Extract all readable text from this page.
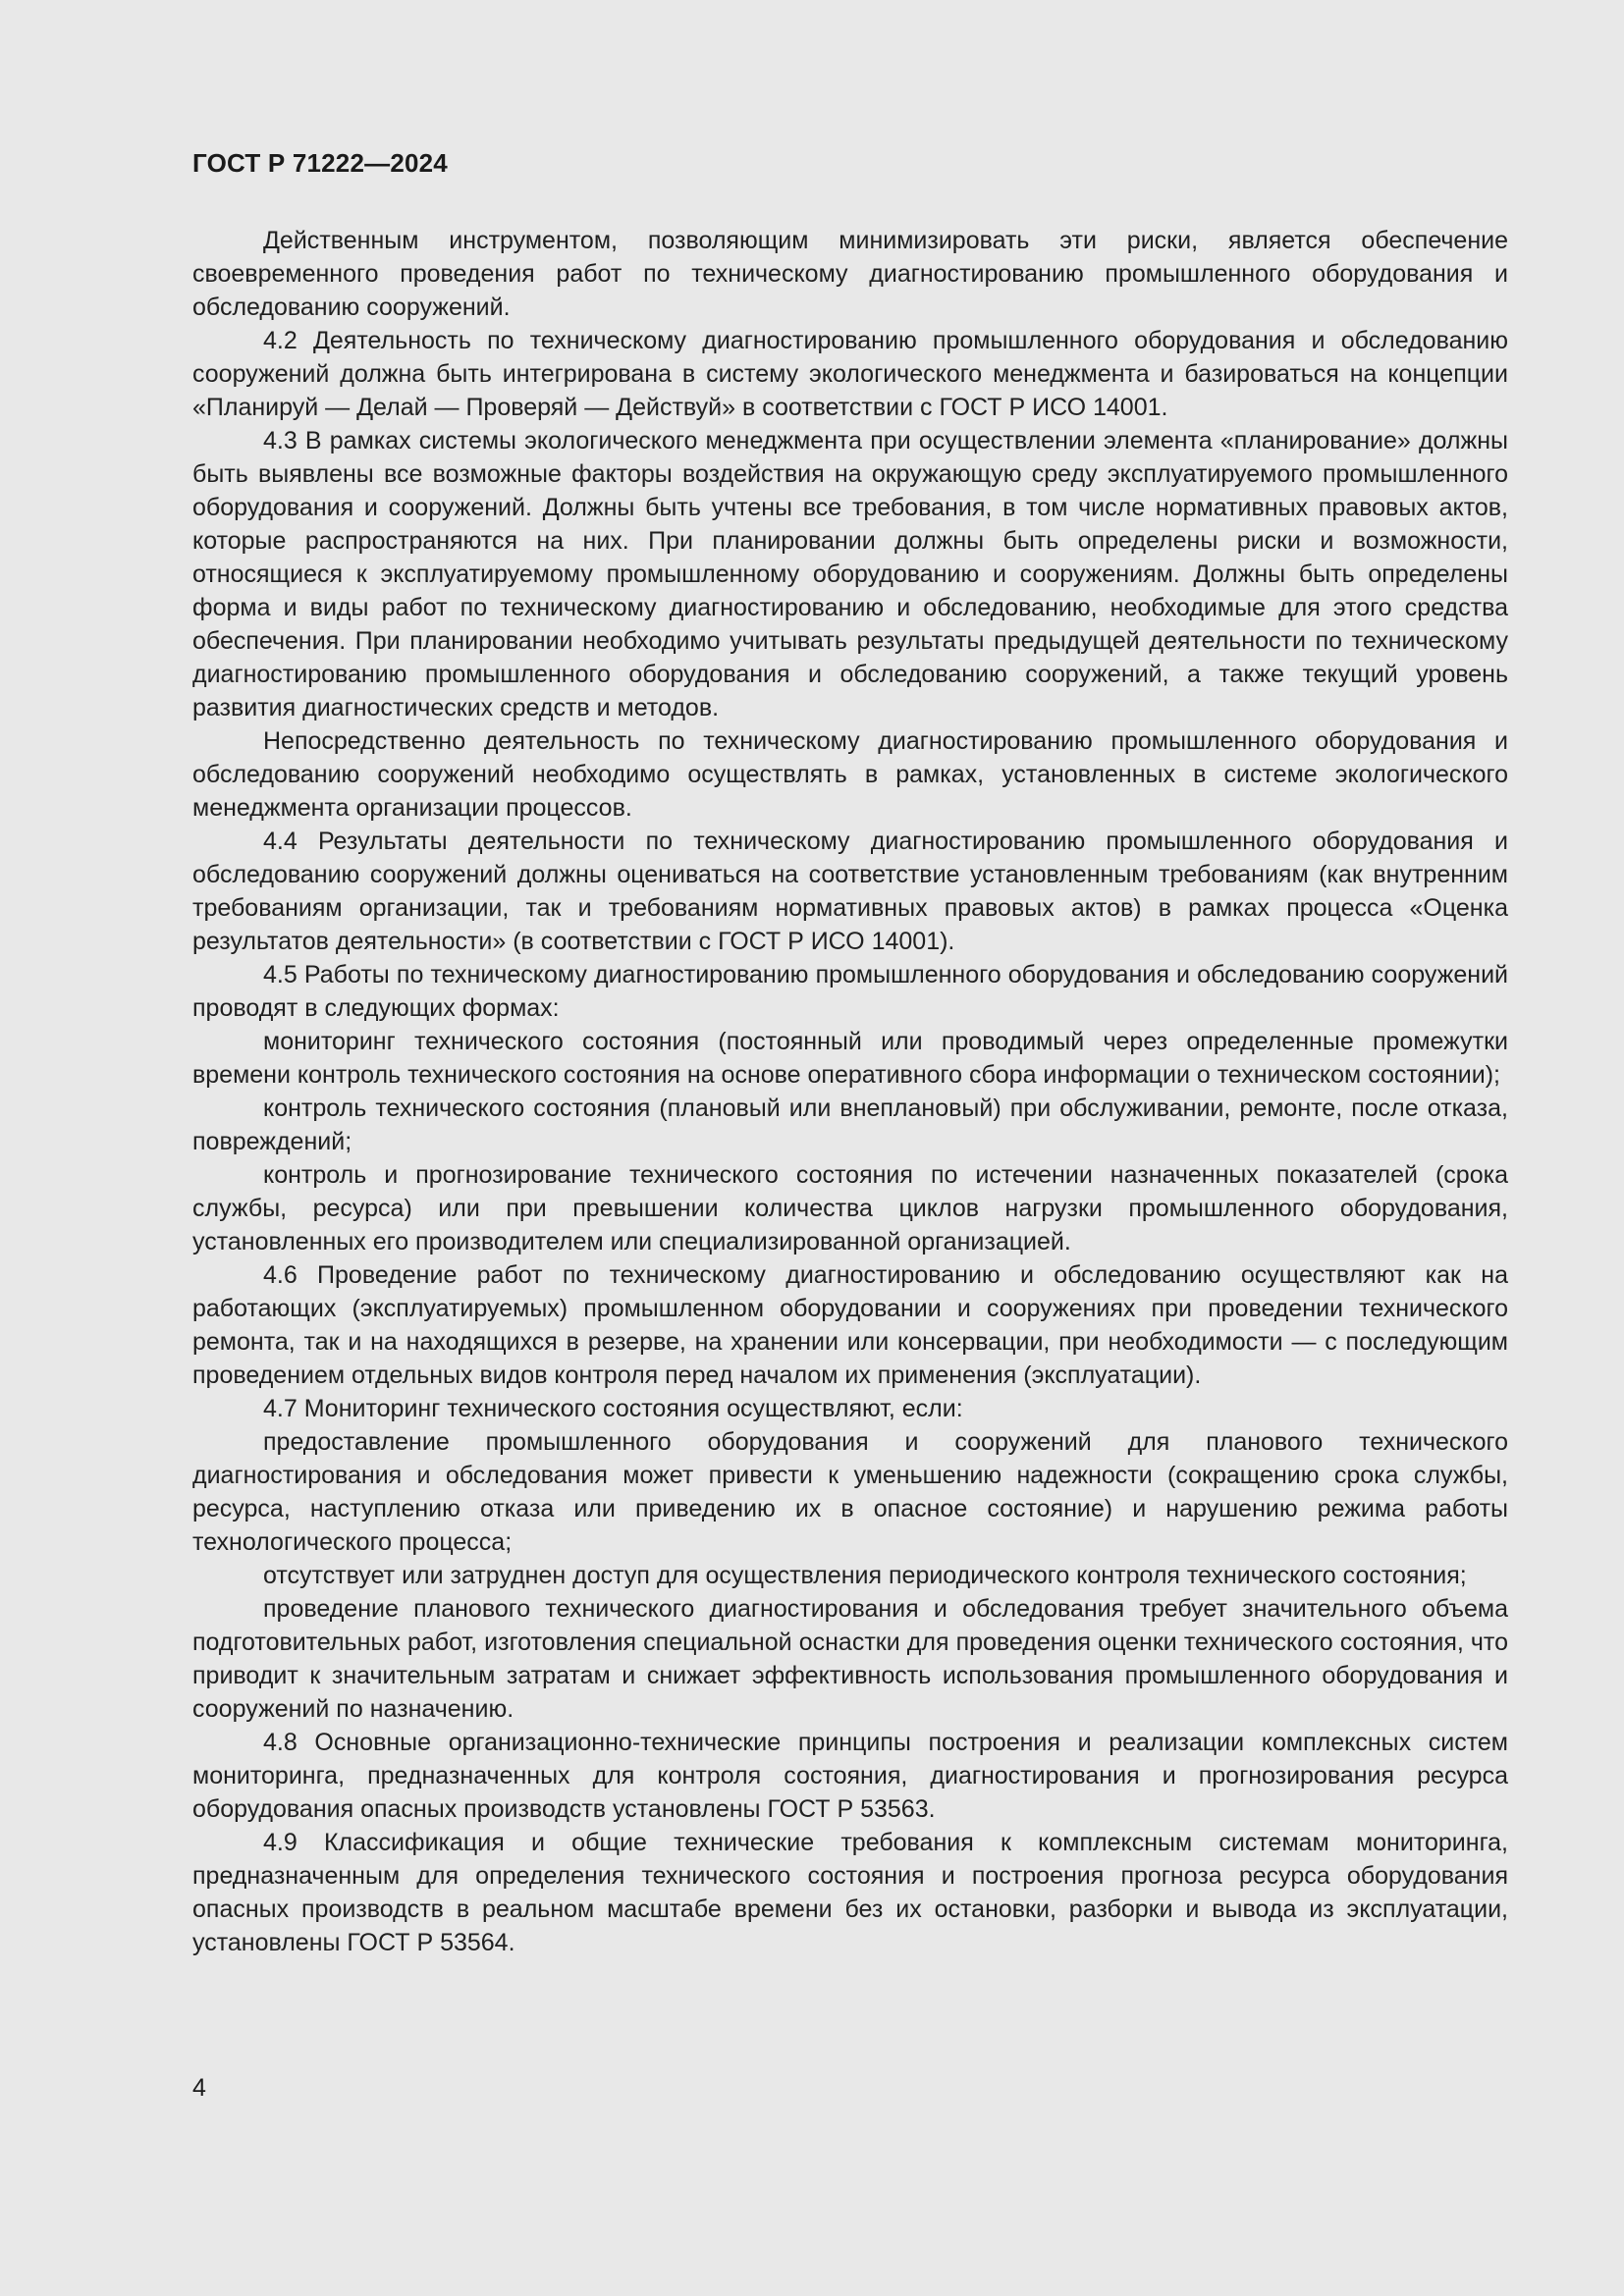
ГОСТ Р 71222—2024

Действенным инструментом, позволяющим минимизировать эти риски, является обеспечение своевременного проведения работ по техническому диагностированию промышленного оборудования и обследованию сооружений.

4.2 Деятельность по техническому диагностированию промышленного оборудования и обследованию сооружений должна быть интегрирована в систему экологического менеджмента и базироваться на концепции «Планируй — Делай — Проверяй — Действуй» в соответствии с ГОСТ Р ИСО 14001.

4.3 В рамках системы экологического менеджмента при осуществлении элемента «планирование» должны быть выявлены все возможные факторы воздействия на окружающую среду эксплуатируемого промышленного оборудования и сооружений. Должны быть учтены все требования, в том числе нормативных правовых актов, которые распространяются на них. При планировании должны быть определены риски и возможности, относящиеся к эксплуатируемому промышленному оборудованию и сооружениям. Должны быть определены форма и виды работ по техническому диагностированию и обследованию, необходимые для этого средства обеспечения. При планировании необходимо учитывать результаты предыдущей деятельности по техническому диагностированию промышленного оборудования и обследованию сооружений, а также текущий уровень развития диагностических средств и методов.

Непосредственно деятельность по техническому диагностированию промышленного оборудования и обследованию сооружений необходимо осуществлять в рамках, установленных в системе экологического менеджмента организации процессов.

4.4 Результаты деятельности по техническому диагностированию промышленного оборудования и обследованию сооружений должны оцениваться на соответствие установленным требованиям (как внутренним требованиям организации, так и требованиям нормативных правовых актов) в рамках процесса «Оценка результатов деятельности» (в соответствии с ГОСТ Р ИСО 14001).

4.5 Работы по техническому диагностированию промышленного оборудования и обследованию сооружений проводят в следующих формах:

мониторинг технического состояния (постоянный или проводимый через определенные промежутки времени контроль технического состояния на основе оперативного сбора информации о техническом состоянии);

контроль технического состояния (плановый или внеплановый) при обслуживании, ремонте, после отказа, повреждений;

контроль и прогнозирование технического состояния по истечении назначенных показателей (срока службы, ресурса) или при превышении количества циклов нагрузки промышленного оборудования, установленных его производителем или специализированной организацией.

4.6 Проведение работ по техническому диагностированию и обследованию осуществляют как на работающих (эксплуатируемых) промышленном оборудовании и сооружениях при проведении технического ремонта, так и на находящихся в резерве, на хранении или консервации, при необходимости — с последующим проведением отдельных видов контроля перед началом их применения (эксплуатации).

4.7 Мониторинг технического состояния осуществляют, если:

предоставление промышленного оборудования и сооружений для планового технического диагностирования и обследования может привести к уменьшению надежности (сокращению срока службы, ресурса, наступлению отказа или приведению их в опасное состояние) и нарушению режима работы технологического процесса;

отсутствует или затруднен доступ для осуществления периодического контроля технического состояния;

проведение планового технического диагностирования и обследования требует значительного объема подготовительных работ, изготовления специальной оснастки для проведения оценки технического состояния, что приводит к значительным затратам и снижает эффективность использования промышленного оборудования и сооружений по назначению.

4.8 Основные организационно-технические принципы построения и реализации комплексных систем мониторинга, предназначенных для контроля состояния, диагностирования и прогнозирования ресурса оборудования опасных производств установлены ГОСТ Р 53563.

4.9 Классификация и общие технические требования к комплексным системам мониторинга, предназначенным для определения технического состояния и построения прогноза ресурса оборудования опасных производств в реальном масштабе времени без их остановки, разборки и вывода из эксплуатации, установлены ГОСТ Р 53564.

4
